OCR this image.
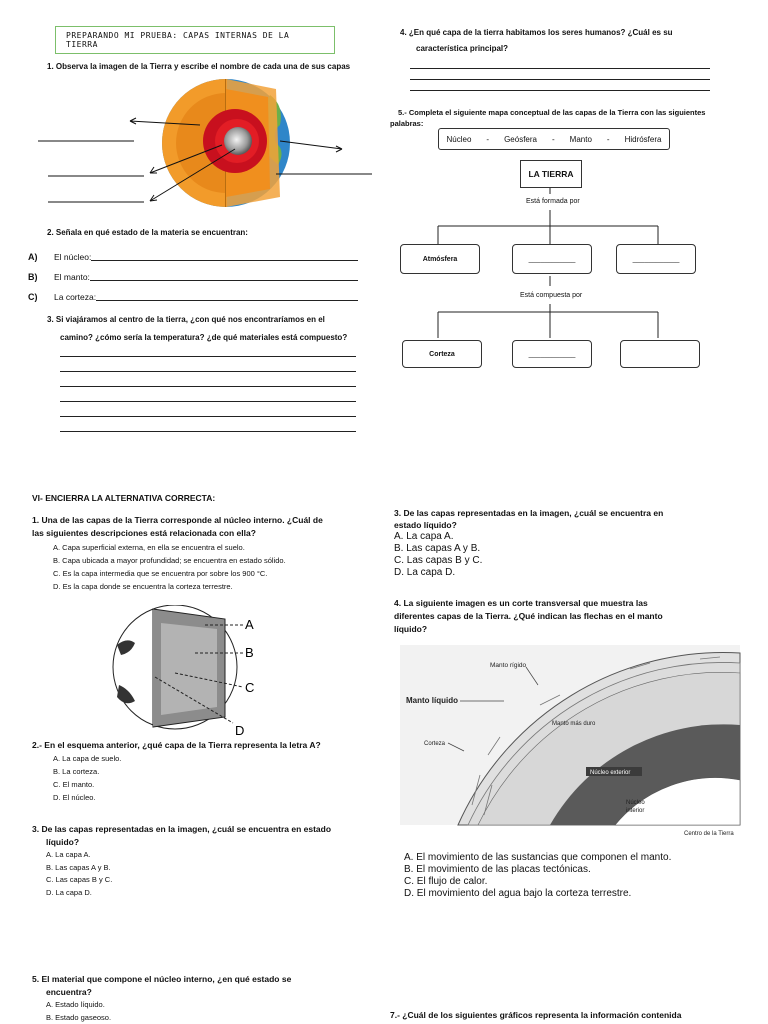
PREPARANDO MI PRUEBA: CAPAS INTERNAS DE LA TIERRA
1. Observa la imagen de la Tierra y escribe el nombre de cada una de sus capas
2. Señala en qué estado de la materia se encuentran:
A)	El núcleo:
B)	El manto:
C)	La corteza:
3. Si viajáramos al centro de la tierra, ¿con qué nos encontraríamos en el
camino? ¿cómo sería la temperatura? ¿de qué materiales está compuesto?
4. ¿En qué capa de la tierra habitamos los seres humanos? ¿Cuál es su
característica principal?
5.- Completa el siguiente mapa conceptual de las capas de la Tierra con las siguientes
palabras:
Núcleo - Geósfera - Manto - Hidrósfera
LA TIERRA
Está formada por
Atmósfera	____________	____________
Está compuesta por
Corteza	____________
VI- ENCIERRA LA ALTERNATIVA CORRECTA:
1. Una de las capas de la Tierra corresponde al núcleo interno. ¿Cuál de
las siguientes descripciones está relacionada con ella?
A. Capa superficial externa, en ella se encuentra el suelo.
B. Capa ubicada a mayor profundidad; se encuentra en estado sólido.
C. Es la capa intermedia que se encuentra por sobre los 900 °C.
D. Es la capa donde se encuentra la corteza terrestre.
A
B
C
D
2.- En el esquema anterior, ¿qué capa de la Tierra representa la letra A?
A. La capa de suelo.
B. La corteza.
C. El manto.
D. El núcleo.
3. De las capas representadas en la imagen, ¿cuál se encuentra en estado
líquido?
A. La capa A.
B. Las capas A y B.
C. Las capas B y C.
D. La capa D.
5. El material que compone el núcleo interno, ¿en qué estado se
encuentra?
A. Estado líquido.
B. Estado gaseoso.
3. De las capas representadas en la imagen, ¿cuál se encuentra en
estado líquido?
A. La capa A.
B. Las capas A y B.
C. Las capas B y C.
D. La capa D.
4. La siguiente imagen es un corte transversal que muestra las
diferentes capas de la Tierra. ¿Qué indican las flechas en el manto
líquido?
Manto rígido
Manto líquido
Corteza
Manto más duro
Núcleo exterior
Núcleo
interior
Centro de la Tierra
A. El movimiento de las sustancias que componen el manto.
B. El movimiento de las placas tectónicas.
C. El flujo de calor.
D. El movimiento del agua bajo la corteza terrestre.
7.- ¿Cuál de los siguientes gráficos representa la información contenida
